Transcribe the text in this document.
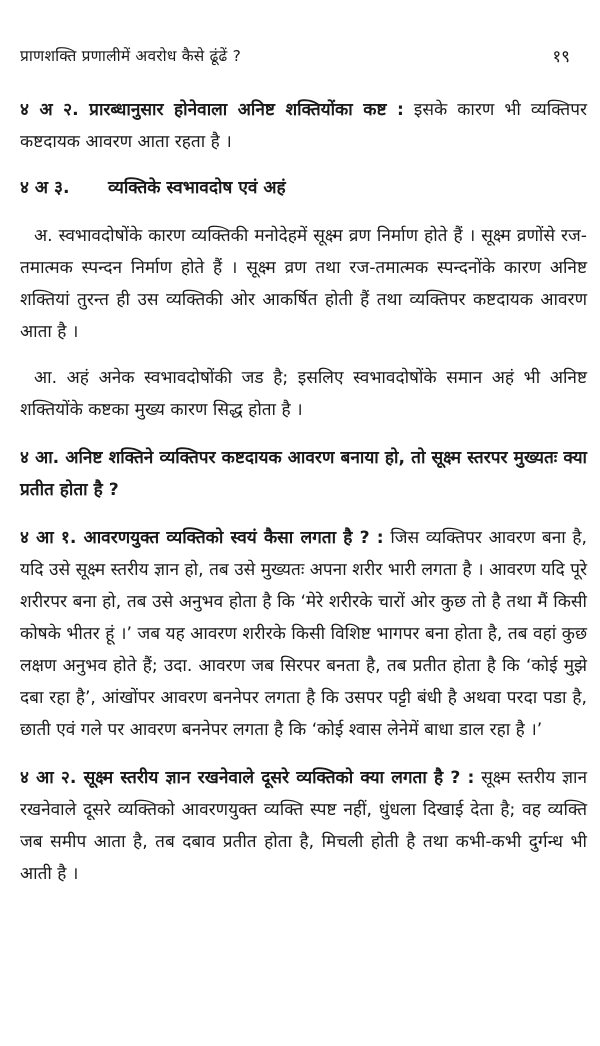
प्राणशक्ति प्रणालीमें अवरोध कैसे ढूंढें ?	१९

४ अ २. प्रारब्धानुसार होनेवाला अनिष्ट शक्तियोंका कष्ट : इसके कारण भी व्यक्तिपर कष्टदायक आवरण आता रहता है ।

४ अ ३. व्यक्तिके स्वभावदोष एवं अहं

अ. स्वभावदोषोंके कारण व्यक्तिकी मनोदेहमें सूक्ष्म व्रण निर्माण होते हैं । सूक्ष्म व्रणोंसे रज-तमात्मक स्पन्दन निर्माण होते हैं । सूक्ष्म व्रण तथा रज-तमात्मक स्पन्दनोंके कारण अनिष्ट शक्तियां तुरन्त ही उस व्यक्तिकी ओर आकर्षित होती हैं तथा व्यक्तिपर कष्टदायक आवरण आता है ।

आ. अहं अनेक स्वभावदोषोंकी जड है; इसलिए स्वभावदोषोंके समान अहं भी अनिष्ट शक्तियोंके कष्टका मुख्य कारण सिद्ध होता है ।

४ आ. अनिष्ट शक्तिने व्यक्तिपर कष्टदायक आवरण बनाया हो, तो सूक्ष्म स्तरपर मुख्यतः क्या प्रतीत होता है ?

४ आ १. आवरणयुक्त व्यक्तिको स्वयं कैसा लगता है ? : जिस व्यक्तिपर आवरण बना है, यदि उसे सूक्ष्म स्तरीय ज्ञान हो, तब उसे मुख्यतः अपना शरीर भारी लगता है । आवरण यदि पूरे शरीरपर बना हो, तब उसे अनुभव होता है कि ‘मेरे शरीरके चारों ओर कुछ तो है तथा मैं किसी कोषके भीतर हूं ।’ जब यह आवरण शरीरके किसी विशिष्ट भागपर बना होता है, तब वहां कुछ लक्षण अनुभव होते हैं; उदा. आवरण जब सिरपर बनता है, तब प्रतीत होता है कि ‘कोई मुझे दबा रहा है’, आंखोंपर आवरण बननेपर लगता है कि उसपर पट्टी बंधी है अथवा परदा पडा है, छाती एवं गले पर आवरण बननेपर लगता है कि ‘कोई श्वास लेनेमें बाधा डाल रहा है ।’

४ आ २. सूक्ष्म स्तरीय ज्ञान रखनेवाले दूसरे व्यक्तिको क्या लगता है ? : सूक्ष्म स्तरीय ज्ञान रखनेवाले दूसरे व्यक्तिको आवरणयुक्त व्यक्ति स्पष्ट नहीं, धुंधला दिखाई देता है; वह व्यक्ति जब समीप आता है, तब दबाव प्रतीत होता है, मिचली होती है तथा कभी-कभी दुर्गन्ध भी आती है ।
